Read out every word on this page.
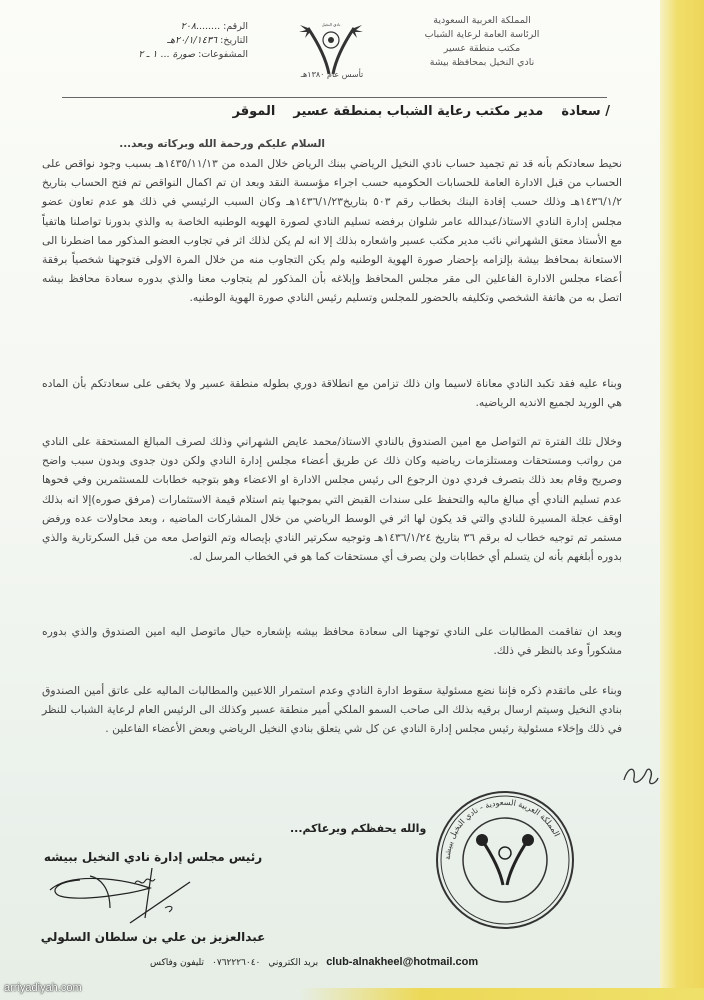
المملكة العربية السعودية
الرئاسة العامة لرعاية الشباب
مكتب منطقة عسير
نادي النخيل بمحافظة بيشة
نادي النخيل
تأسس عام ١٣٨٠هـ
الرقم: ........٢٠٨
التاريخ: ٢٠/١/١٤٣٦هـ
المشفوعات: صورة ... ١ ـ ٢
سعادة /
مدير مكتب رعاية الشباب بمنطقة عسير
الموقر
السلام عليكم ورحمة الله وبركاته وبعد...
نحيط سعادتكم بأنه قد تم تجميد حساب نادي النخيل الرياضي ببنك الرياض خلال المده من ١٤٣٥/١١/١٣هـ بسبب وجود نواقص على الحساب من قبل الادارة العامة للحسابات الحكوميه حسب اجراء مؤسسة النقد وبعد ان تم اكمال النواقص تم فتح الحساب بتاريخ ١٤٣٦/١/٢هـ وذلك حسب إفادة البنك بخطاب رقم ٥٠٣ بتاريخ١٤٣٦/١/٢٣هـ وكان السبب الرئيسي في ذلك هو عدم تعاون عضو مجلس إدارة النادي الاستاذ/عبدالله عامر شلوان برفضه تسليم النادي لصورة الهويه الوطنيه الخاصة به والذي بدورنا تواصلنا هاتفياً مع الأستاذ معتق الشهراني نائب مدير مكتب عسير واشعاره بذلك إلا انه لم يكن لذلك اثر في تجاوب العضو المذكور مما اضطرنا الى الاستعانة بمحافظ بيشة بإلزامه بإحضار صورة الهوية الوطنيه ولم يكن التجاوب منه من خلال المرة الاولى فتوجهنا شخصياً برفقة أعضاء مجلس الادارة الفاعلين الى مقر مجلس المحافظ وإبلاغه بأن المذكور لم يتجاوب معنا والذي بدوره سعادة محافظ بيشه اتصل به من هاتفة الشخصي وتكليفه بالحضور للمجلس وتسليم رئيس النادي صورة الهوية الوطنيه.
وبناء عليه فقد تكبد النادي معاناة لاسيما وان ذلك تزامن مع انطلاقة دوري بطوله منطقة عسير ولا يخفى على سعادتكم بأن الماده هي الوريد لجميع الانديه الرياضيه.
وخلال تلك الفترة تم التواصل مع امين الصندوق بالنادي الاستاذ/محمد عايض الشهراني وذلك لصرف المبالغ المستحقة على النادي من رواتب ومستحقات ومستلزمات رياضيه وكان ذلك عن طريق أعضاء مجلس إدارة النادي ولكن دون جدوى وبدون سبب واضح وصريح وقام بعد ذلك بتصرف فردي دون الرجوع الى رئيس مجلس الادارة او الاعضاء وهو بتوجيه خطابات للمستثمرين وفي فحوها عدم تسليم النادي أي مبالغ ماليه والتحفظ على سندات القبض التي بموجبها يتم استلام قيمة الاستثمارات (مرفق صوره)إلا انه بذلك اوقف عجلة المسيرة للنادي والتي قد يكون لها اثر في الوسط الرياضي من خلال المشاركات الماضيه ، وبعد محاولات عده ورفض مستمر تم توجيه خطاب له برقم ٣٦ بتاريخ ١٤٣٦/١/٢٤هـ وتوجيه سكرتير النادي بإيصاله وتم التواصل معه من قبل السكرتارية والذي بدوره أبلغهم بأنه لن يتسلم أي خطابات ولن يصرف أي مستحقات كما هو في الخطاب المرسل له.
وبعد ان تفاقمت المطالبات على النادي توجهنا الى سعادة محافظ بيشه بإشعاره حيال ماتوصل اليه امين الصندوق والذي بدوره مشكوراً وعد بالنظر في ذلك.
وبناء على ماتقدم ذكره فإننا نضع مسئولية سقوط ادارة النادي وعدم استمرار اللاعبين والمطالبات الماليه على عاتق أمين الصندوق بنادي النخيل وسيتم ارسال برقيه بذلك الى صاحب السمو الملكي أمير منطقة عسير وكذلك الى الرئيس العام لرعاية الشباب للنظر في ذلك وإخلاء مسئولية رئيس مجلس إدارة النادي عن كل شي يتعلق بنادي النخيل الرياضي وبعض الأعضاء الفاعلين .
والله يحفظكم ويرعاكم...
المملكة العربية السعودية - نادي النخيل ببيشة
رئيس مجلس إدارة نادي النخيل ببيشه
عبدالعزيز بن علي بن سلطان السلولي
تليفون وفاكس ٠٧٦٢٢٢٦٠٤٠ بريد الكتروني club-alnakheel@hotmail.com
arriyadiyah.com
